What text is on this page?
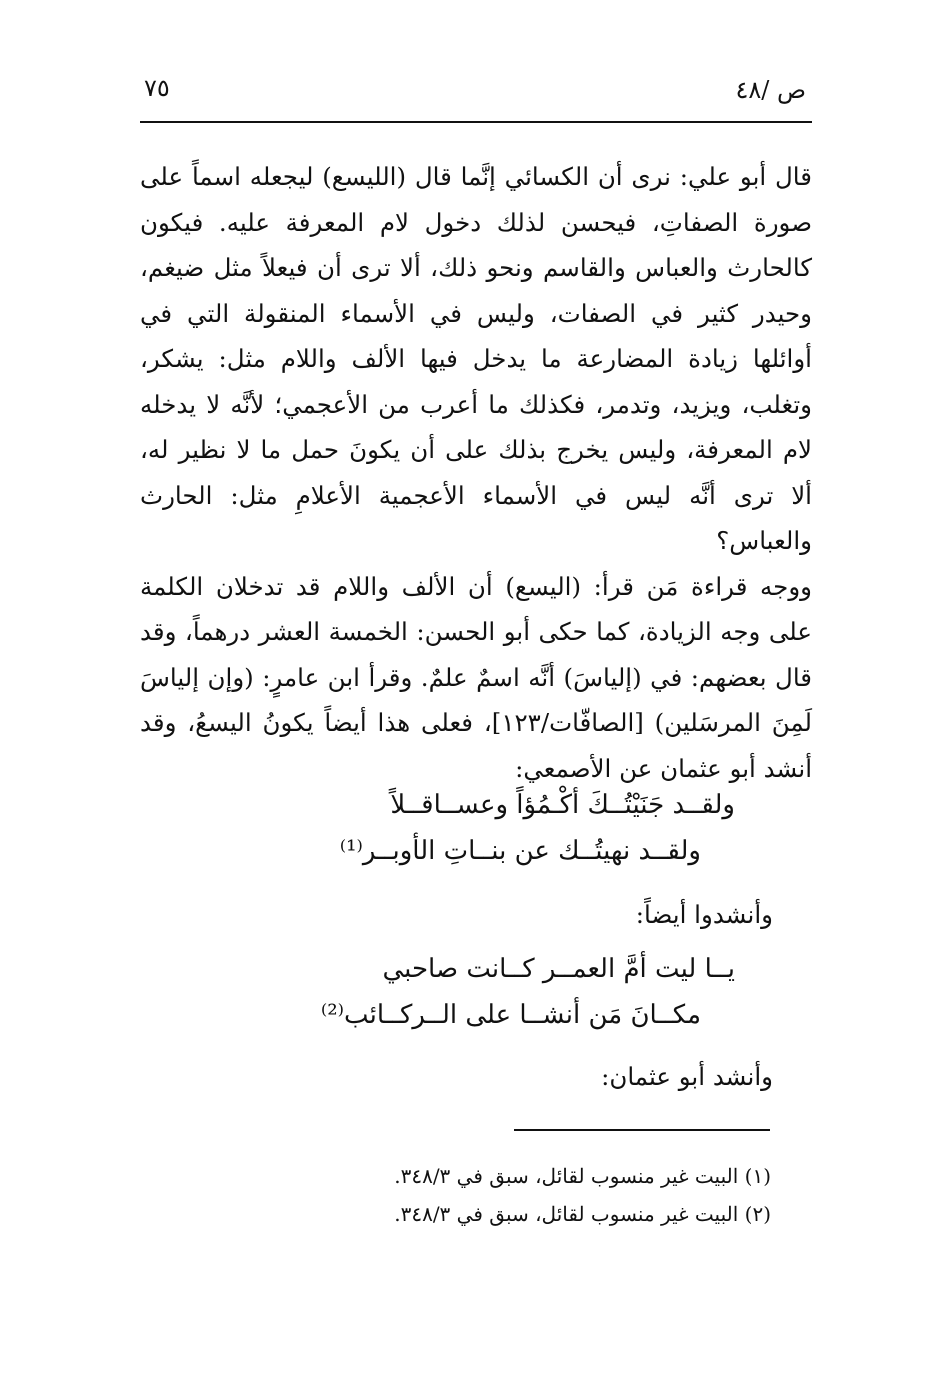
٧٥	ص /٤٨

قال أبو علي: نرى أن الكسائي إنَّما قال (الليسع) ليجعله اسماً على صورة الصفاتِ، فيحسن لذلك دخول لام المعرفة عليه. فيكون كالحارث والعباس والقاسم ونحو ذلك، ألا ترى أن فيعلاً مثل ضيغم، وحيدر كثير في الصفات، وليس في الأسماء المنقولة التي في أوائلها زيادة المضارعة ما يدخل فيها الألف واللام مثل: يشكر، وتغلب، ويزيد، وتدمر، فكذلك ما أعرب من الأعجمي؛ لأنَّه لا يدخله لام المعرفة، وليس يخرج بذلك على أن يكونَ حمل ما لا نظير له، ألا ترى أنَّه ليس في الأسماء الأعجمية الأعلامِ مثل: الحارث والعباس؟

ووجه قراءة مَن قرأ: (اليسع) أن الألف واللام قد تدخلان الكلمة على وجه الزيادة، كما حكى أبو الحسن: الخمسة العشر درهماً، وقد قال بعضهم: في (إلياسَ) أنَّه اسمٌ علمٌ. وقرأ ابن عامرٍ: (وإن إلياسَ لَمِنَ المرسَلين) [الصافّات/١٢٣]، فعلى هذا أيضاً يكونُ اليسعُ، وقد أنشد أبو عثمان عن الأصمعي:

ولقــد جَنَيْتُــكَ أكْـمُؤاً وعســاقــلاً
ولقــد نهيتُــك عن بنــاتِ الأوبــر⁽¹⁾
وأنشدوا أيضاً:
يــا ليت أمَّ العمــر كــانت صاحبي
مكــانَ مَن أنشــا على الــركــائب⁽²⁾
وأنشد أبو عثمان:
(١) البيت غير منسوب لقائل، سبق في ٣٤٨/٣.
(٢) البيت غير منسوب لقائل، سبق في ٣٤٨/٣.
